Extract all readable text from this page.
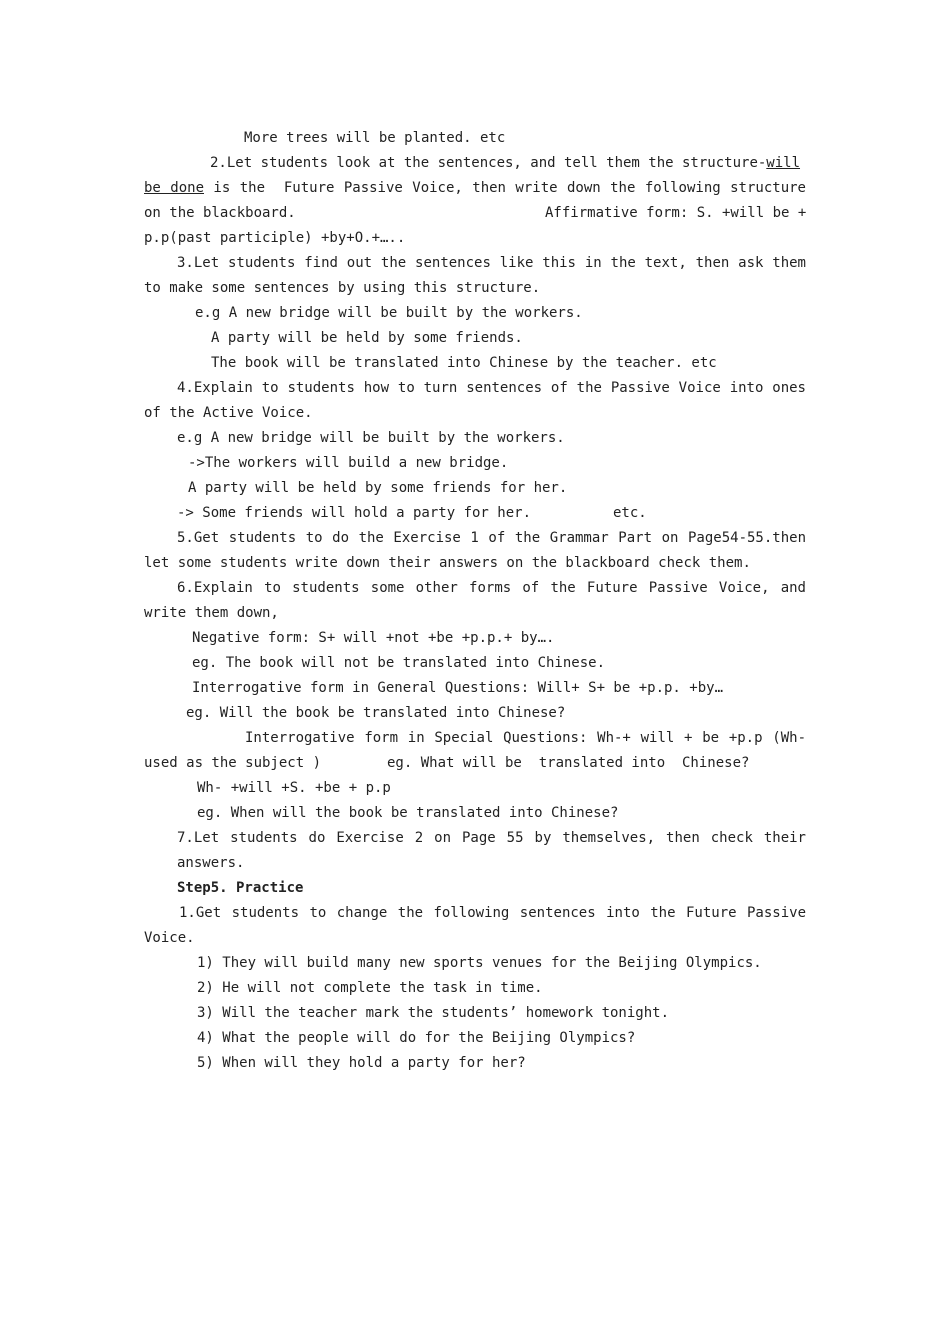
More trees will be planted. etc
2.Let students look at the sentences, and tell them the structure-will
be done is the  Future Passive Voice, then write down the following structure
on the blackboard.	Affirmative form: S. +will be +
p.p(past participle) +by+O.+…..
3.Let students find out the sentences like this in the text, then ask them
to make some sentences by using this structure.
e.g A new bridge will be built by the workers.
A party will be held by some friends.
The book will be translated into Chinese by the teacher. etc
4.Explain to students how to turn sentences of the Passive Voice into ones
of the Active Voice.
e.g A new bridge will be built by the workers.
->The workers will build a new bridge.
A party will be held by some friends for her.
-> Some friends will hold a party for her.	etc.
5.Get students to do the Exercise 1 of the Grammar Part on Page54-55.then
let some students write down their answers on the blackboard check them.
6.Explain to students some other forms of the Future Passive Voice, and
write them down,
Negative form: S+ will +not +be +p.p.+ by….
eg. The book will not be translated into Chinese.
Interrogative form in General Questions: Will+ S+ be +p.p. +by…
eg. Will the book be translated into Chinese?
Interrogative form in Special Questions: Wh-+ will + be +p.p (Wh-
used as the subject )	eg. What will be  translated into  Chinese?
Wh- +will +S. +be + p.p
eg. When will the book be translated into Chinese?
7.Let students do Exercise 2 on Page 55 by themselves, then check their
answers.
Step5. Practice
1.Get students to change the following sentences into the Future Passive
Voice.
1) They will build many new sports venues for the Beijing Olympics.
2) He will not complete the task in time.
3) Will the teacher mark the students’ homework tonight.
4) What the people will do for the Beijing Olympics?
5) When will they hold a party for her?
